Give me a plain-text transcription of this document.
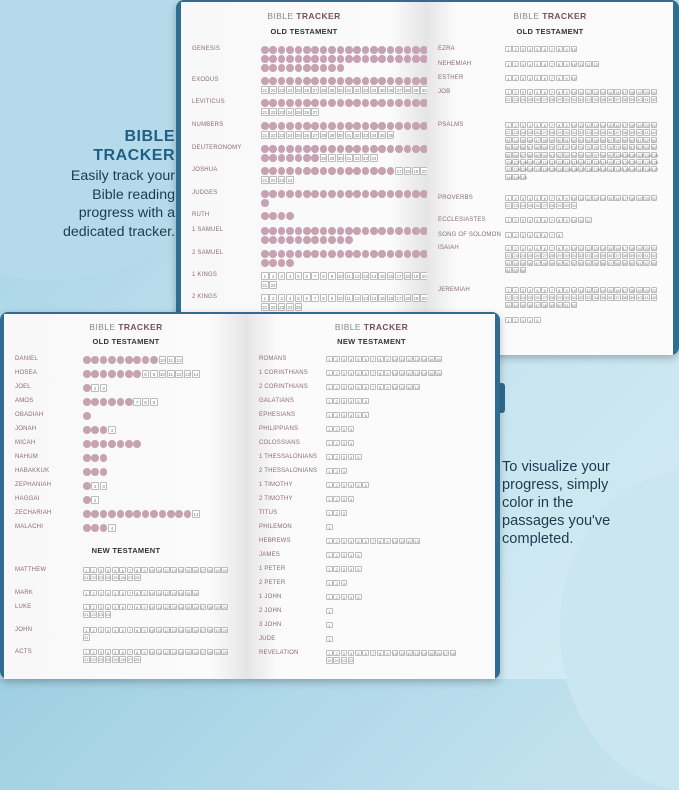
BIBLE TRACKER
OLD TESTAMENT
GENESIS
EXODUS
21 22 23 24 25 26 27 28 29 30 31 32 33 34 35 36 37 38 39 40
LEVITICUS
21 22 23 24 25 26 27
NUMBERS
21 22 23 24 25 26 27 28 29 30 31 32 33 34 35 36
DEUTERONOMY
28 29 30 31 32 33 34
JOSHUA	17 18 19 20
21 22 23 24
JUDGES
RUTH
1 SAMUEL
2 SAMUEL
1 KINGS	1	2	3	4	5	6	7	8	9	10 11 12 13 14 15 16 17 18 19 20
21 22
2 KINGS	1	2	3	4	5	6	7	8	9	10 11 12 13 14 15 16 17 18 19 20
21 22 23 24 25
BIBLE TRACKER
OLD TESTAMENT
EZRA	1	2	3	4	5	6	7	8	9 10
NEHEMIAH	1	2	3	4	5	6	7	8	9 10 11 12 13
ESTHER	1	2	3	4	5	6	7	8	9 10
JOB	1	2	3	4	5	6	7	8	9 10 11 12 13 14 15 16 17 18 19 20 21
22 23 24 25 26 27 28 29 30 31 32 33 34 35 36 37 38 39 40 41 42
PSALMS	1	2	3	4	5	6	7	8	9 10 11 12 13 14 15 16 17 18 19 20 21
22 23 24 25 26 27 28 29 30 31 32 33 34 35 36 37 38 39 40 41 42
43 44 45 46 47 48 49 50 51 52 53 54 55 56 57 58 59 60 61 62 63
64 65 66 67 68 69 70 71 72 73 74 75 76 77 78 79 80 81 82 83 84
85 86 87 88 89 90 91 92 93 94 95 96 97 98 99 100 101 102 103 104 105
106 107 108 109 110 111 112 113 114 115 116 117 118 119 120 121 122 123 124 125 126
127 128 129 130 131 132 133 134 135 136 137 138 139 140 141 142 143 144 145 146 147
148 149 150
PROVERBS	1	2	3	4	5	6	7	8	9 10 11 12 13 14 15 16 17 18 19 20 21
22 23 24 25 26 27 28 29 30 31
ECCLESIASTES	1	2	3	4	5	6	7	8	9 10 11 12
SONG OF SOLOMON	1	2	3	4	5	6	7	8
ISAIAH	1	2	3	4	5	6	7	8	9 10 11 12 13 14 15 16 17 18 19 20 21
22 23 24 25 26 27 28 29 30 31 32 33 34 35 36 37 38 39 40 41 42
43 44 45 46 47 48 49 50 51 52 53 54 55 56 57 58 59 60 61 62 63
64 65 66
JEREMIAH	1	2	3	4	5	6	7	8	9 10 11 12 13 14 15 16 17 18 19 20 21
22 23 24 25 26 27 28 29 30 31 32 33 34 35 36 37 38 39 40 41 42
43 44 45 46 47 48 49 50 51 52
1	2	3	4	5
BIBLE TRACKER
OLD TESTAMENT
DANIEL	10 11 12
HOSEA	8	9	10 11 12 13 14
JOEL	2	3
AMOS	7	8	9
OBADIAH
JONAH	4
MICAH
NAHUM
HABAKKUK
ZEPHANIAH	2	3
HAGGAI	2
ZECHARIAH	14
MALACHI	4
NEW TESTAMENT
MATTHEW	1	2	3	4	5	6	7	8	9 10 11 12 13 14 15 16 17 18 19 20
21 22 23 24 25 26 27 28
MARK	1	2	3	4	5	6	7	8	9 10 11 12 13 14 15 16
LUKE	1	2	3	4	5	6	7	8	9 10 11 12 13 14 15 16 17 18 19 20
21 22 23 24
JOHN	1	2	3	4	5	6	7	8	9 10 11 12 13 14 15 16 17 18 19 20
21
ACTS	1	2	3	4	5	6	7	8	9 10 11 12 13 14 15 16 17 18 19 20
21 22 23 24 25 26 27 28
BIBLE TRACKER
NEW TESTAMENT
ROMANS	1	2	3	4	5	6	7	8	9 10 11 12 13 14 15 16
1 CORINTHIANS	1	2	3	4	5	6	7	8	9 10 11 12 13 14 15 16
2 CORINTHIANS	1	2	3	4	5	6	7	8	9 10 11 12 13
GALATIANS	1	2	3	4	5	6
EPHESIANS	1	2	3	4	5	6
PHILIPPIANS	1	2	3	4
COLOSSIANS	1	2	3	4
1 THESSALONIANS	1	2	3	4	5
2 THESSALONIANS	1	2	3
1 TIMOTHY	1	2	3	4	5	6
2 TIMOTHY	1	2	3	4
TITUS	1	2	3
PHILEMON	1
HEBREWS	1	2	3	4	5	6	7	8	9 10 11 12 13
JAMES	1	2	3	4	5
1 PETER	1	2	3	4	5
2 PETER	1	2	3
1 JOHN	1	2	3	4	5
2 JOHN	1
3 JOHN	1
JUDE	1
REVELATION	1	2	3	4	5	6	7	8	9 10 11 12 13 14 15 16 17 18
19 20 21 22
BIBLE
TRACKER
Easily track your
Bible reading
progress with a
dedicated tracker.
To visualize your
progress, simply
color in the
passages you've
completed.
